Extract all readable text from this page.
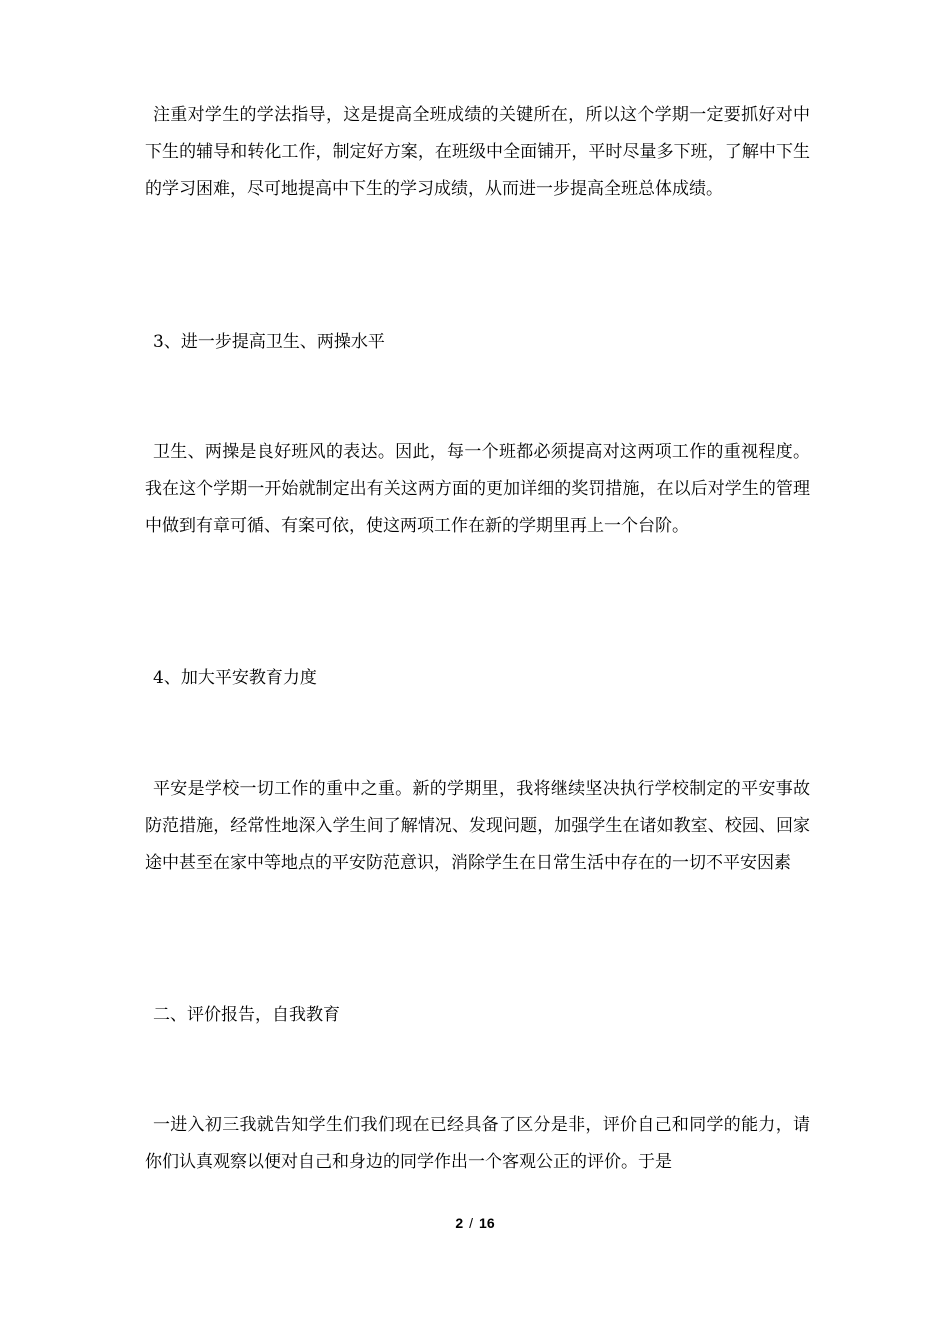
注重对学生的学法指导，这是提高全班成绩的关键所在，所以这个学期一定要抓好对中下生的辅导和转化工作，制定好方案，在班级中全面铺开，平时尽量多下班，了解中下生的学习困难，尽可地提高中下生的学习成绩，从而进一步提高全班总体成绩。

3、进一步提高卫生、两操水平

卫生、两操是良好班风的表达。因此，每一个班都必须提高对这两项工作的重视程度。我在这个学期一开始就制定出有关这两方面的更加详细的奖罚措施，在以后对学生的管理中做到有章可循、有案可依，使这两项工作在新的学期里再上一个台阶。

4、加大平安教育力度

平安是学校一切工作的重中之重。新的学期里，我将继续坚决执行学校制定的平安事故防范措施，经常性地深入学生间了解情况、发现问题，加强学生在诸如教室、校园、回家途中甚至在家中等地点的平安防范意识，消除学生在日常生活中存在的一切不平安因素

二、评价报告，自我教育

一进入初三我就告知学生们我们现在已经具备了区分是非，评价自己和同学的能力，请你们认真观察以便对自己和身边的同学作出一个客观公正的评价。于是

2 / 16
